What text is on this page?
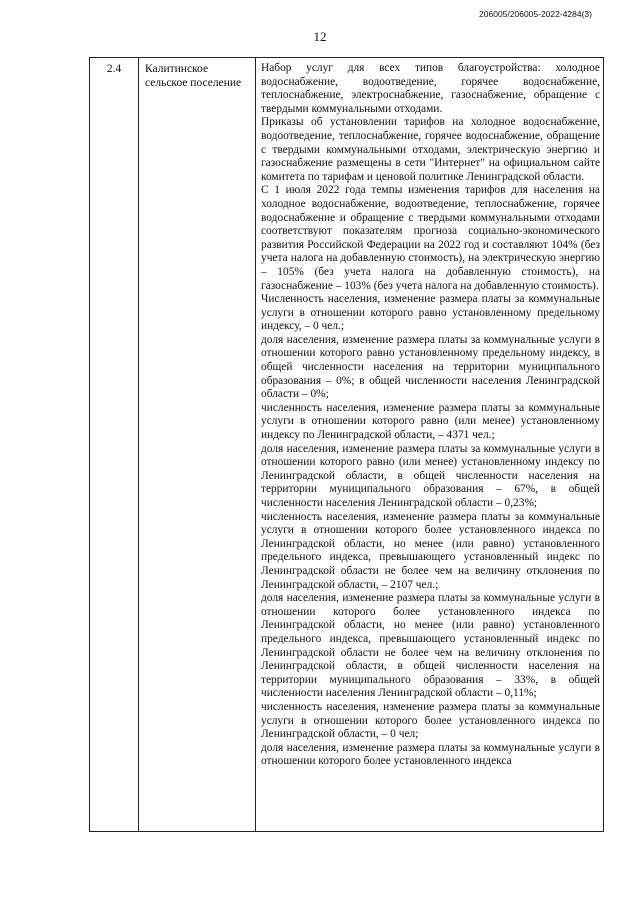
12
206005/206005-2022-4284(3)
2.4	Калитинское сельское поселение

Набор услуг для всех типов благоустройства: холодное водоснабжение, водоотведение, горячее водоснабжение, теплоснабжение, электроснабжение, газоснабжение, обращение с твердыми коммунальными отходами.

Приказы об установлении тарифов на холодное водоснабжение, водоотведение, теплоснабжение, горячее водоснабжение, обращение с твердыми коммунальными отходами, электрическую энергию и газоснабжение размещены в сети "Интернет" на официальном сайте комитета по тарифам и ценовой политике Ленинградской области.

С 1 июля 2022 года темпы изменения тарифов для населения на холодное водоснабжение, водоотведение, теплоснабжение, горячее водоснабжение и обращение с твердыми коммунальными отходами соответствуют показателям прогноза социально-экономического развития Российской Федерации на 2022 год и составляют 104% (без учета налога на добавленную стоимость), на электрическую энергию – 105% (без учета налога на добавленную стоимость), на газоснабжение – 103% (без учета налога на добавленную стоимость).

Численность населения, изменение размера платы за коммунальные услуги в отношении которого равно установленному предельному индексу, – 0 чел.;

доля населения, изменение размера платы за коммунальные услуги в отношении которого равно установленному предельному индексу, в общей численности населения на территории муниципального образования – 0%; в общей численности населения Ленинградской области – 0%;

численность населения, изменение размера платы за коммунальные услуги в отношении которого равно (или менее) установленному индексу по Ленинградской области, – 4371 чел.;

доля населения, изменение размера платы за коммунальные услуги в отношении которого равно (или менее) установленному индексу по Ленинградской области, в общей численности населения на территории муниципального образования – 67%, в общей численности населения Ленинградской области – 0,23%;

численность населения, изменение размера платы за коммунальные услуги в отношении которого более установленного индекса по Ленинградской области, но менее (или равно) установленного предельного индекса, превышающего установленный индекс по Ленинградской области не более чем на величину отклонения по Ленинградской области, – 2107 чел.;

доля населения, изменение размера платы за коммунальные услуги в отношении которого более установленного индекса по Ленинградской области, но менее (или равно) установленного предельного индекса, превышающего установленный индекс по Ленинградской области не более чем на величину отклонения по Ленинградской области, в общей численности населения на территории муниципального образования – 33%, в общей численности населения Ленинградской области – 0,11%;

численность населения, изменение размера платы за коммунальные услуги в отношении которого более установленного индекса по Ленинградской области, – 0 чел;

доля населения, изменение размера платы за коммунальные услуги в отношении которого более установленного индекса
